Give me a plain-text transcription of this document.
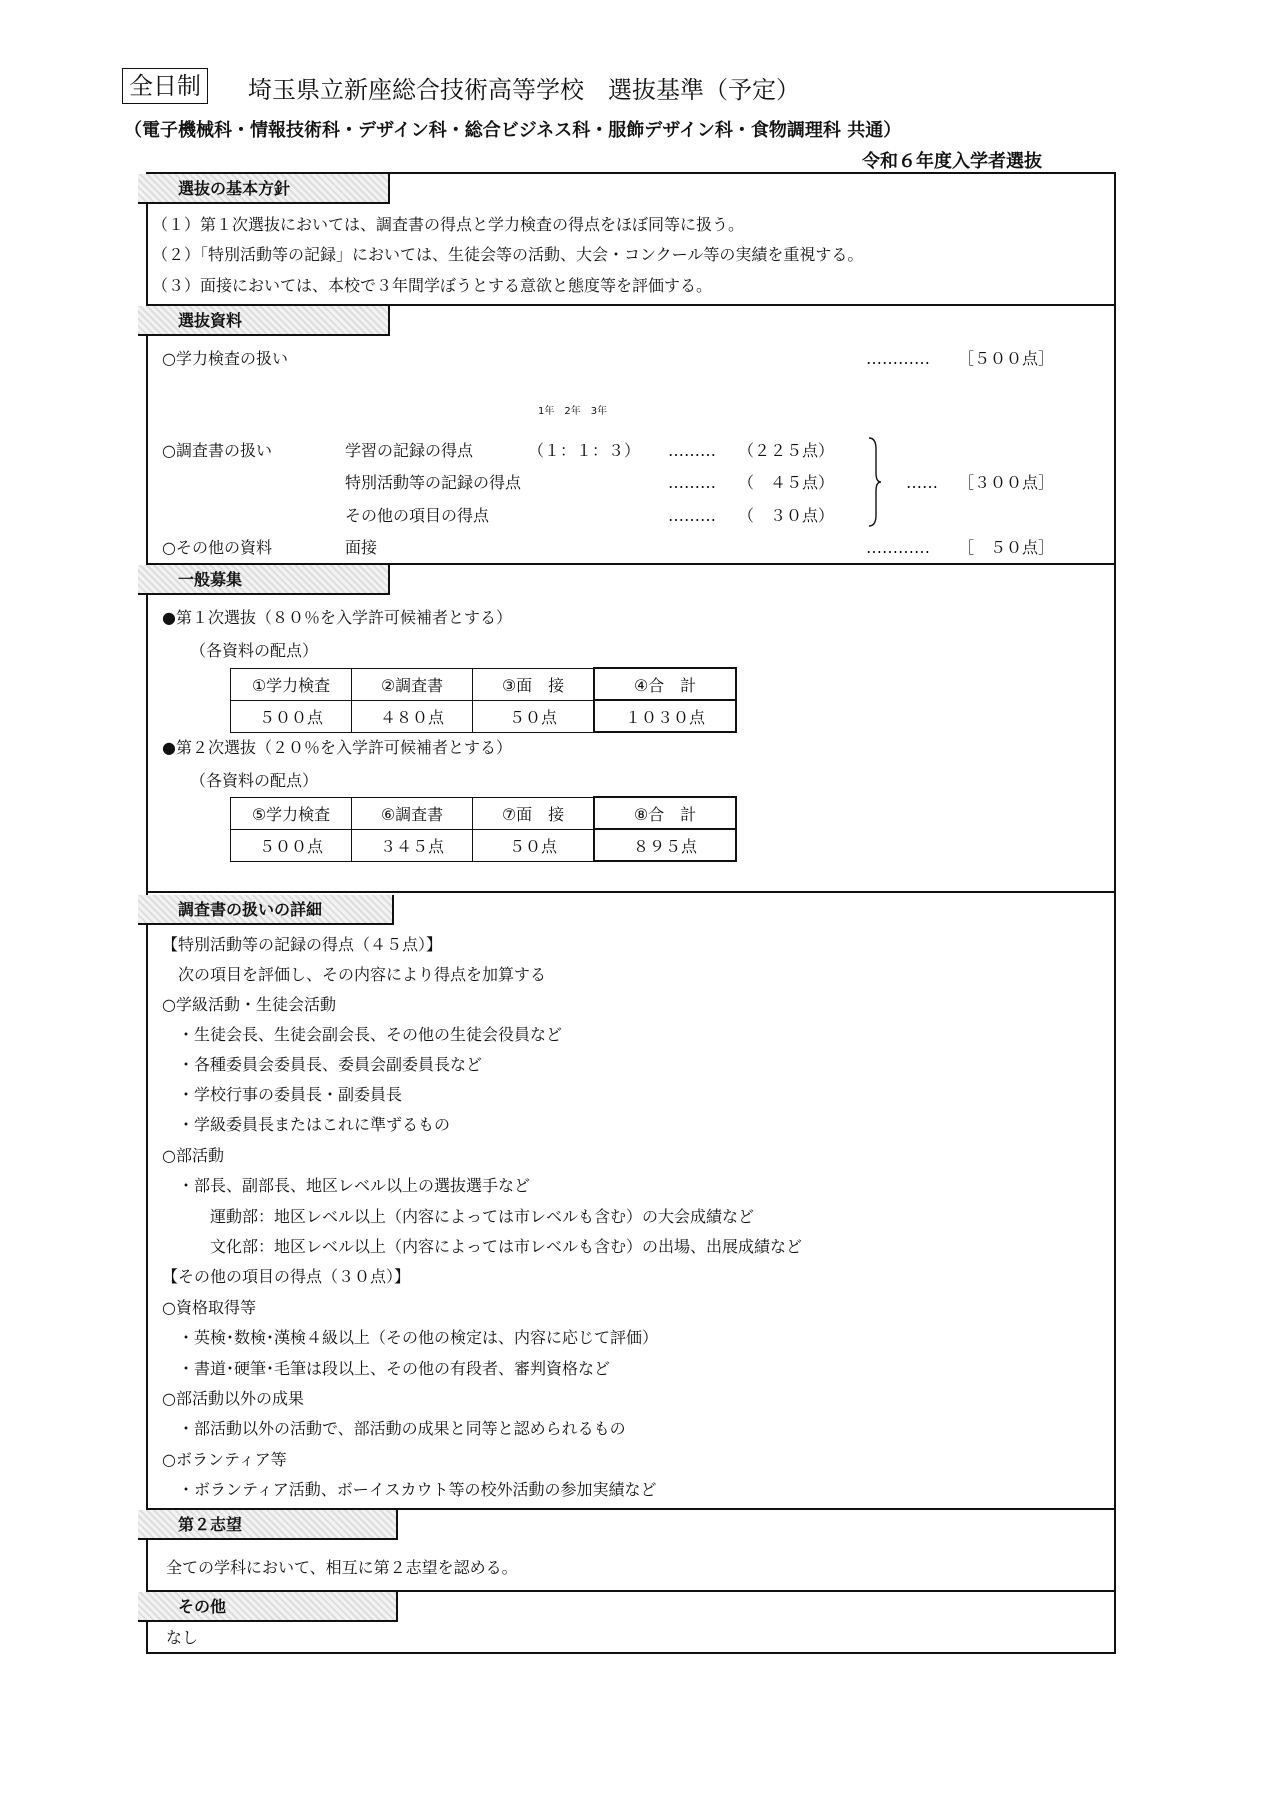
全日制 埼玉県立新座総合技術高等学校　選抜基準（予定）
（電子機械科・情報技術科・デザイン科・総合ビジネス科・服飾デザイン科・食物調理科 共通）
令和６年度入学者選抜
選抜の基本方針
（１）第１次選抜においては、調査書の得点と学力検査の得点をほぼ同等に扱う。
（２）「特別活動等の記録」においては、生徒会等の活動、大会・コンクール等の実績を重視する。
（３）面接においては、本校で３年間学ぼうとする意欲と態度等を評価する。
選抜資料
○学力検査の扱い	………… ［５００点］
1年　2年　3年
○調査書の扱い	学習の記録の得点	（１：１：３） ……… （２２５点）
特別活動等の記録の得点	……… （　４５点）
その他の項目の得点	……… （　３０点）
…… ［３００点］
○その他の資料	面接	………… ［　５０点］
一般募集
●第１次選抜（８０％を入学許可候補者とする）
（各資料の配点）
①学力検査	②調査書	③面　接	④合　計
５００点	４８０点	５０点	１０３０点
●第２次選抜（２０％を入学許可候補者とする）
（各資料の配点）
⑤学力検査	⑥調査書	⑦面　接	⑧合　計
５００点	３４５点	５０点	８９５点
調査書の扱いの詳細
【特別活動等の記録の得点（４５点）】
　次の項目を評価し、その内容により得点を加算する
○学級活動・生徒会活動
　・生徒会長、生徒会副会長、その他の生徒会役員など
　・各種委員会委員長、委員会副委員長など
　・学校行事の委員長・副委員長
　・学級委員長またはこれに準ずるもの
○部活動
　・部長、副部長、地区レベル以上の選抜選手など
　　　運動部：地区レベル以上（内容によっては市レベルも含む）の大会成績など
　　　文化部：地区レベル以上（内容によっては市レベルも含む）の出場、出展成績など
【その他の項目の得点（３０点）】
○資格取得等
　・英検･数検･漢検４級以上（その他の検定は、内容に応じて評価）
　・書道･硬筆･毛筆は段以上、その他の有段者、審判資格など
○部活動以外の成果
　・部活動以外の活動で、部活動の成果と同等と認められるもの
○ボランティア等
　・ボランティア活動、ボーイスカウト等の校外活動の参加実績など
第２志望
全ての学科において、相互に第２志望を認める。
その他
なし
